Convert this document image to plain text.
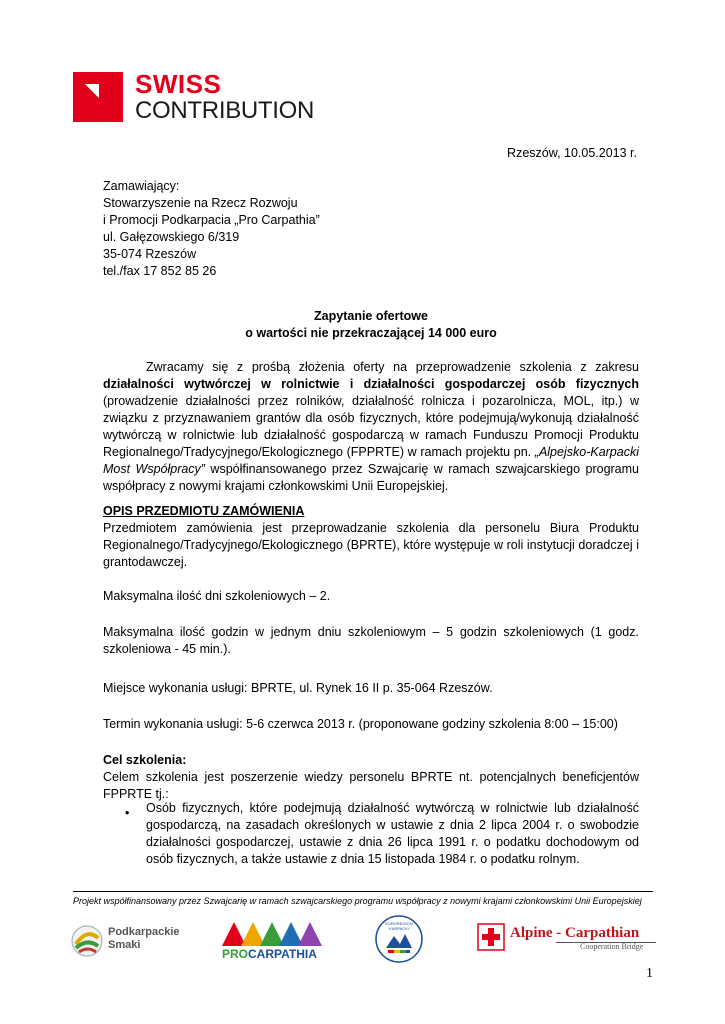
SWISS
CONTRIBUTION
Rzeszów, 10.05.2013 r.
Zamawiający:
Stowarzyszenie na Rzecz Rozwoju
i Promocji Podkarpacia „Pro Carpathia”
ul. Gałęzowskiego 6/319
35-074 Rzeszów
tel./fax 17 852 85 26
Zapytanie ofertowe
o wartości nie przekraczającej 14 000 euro
Zwracamy się z prośbą złożenia oferty na przeprowadzenie szkolenia z zakresu działalności wytwórczej w rolnictwie i działalności gospodarczej osób fizycznych (prowadzenie działalności przez rolników, działalność rolnicza i pozarolnicza, MOL, itp.) w związku z przyznawaniem grantów dla osób fizycznych, które podejmują/wykonują działalność wytwórczą w rolnictwie lub działalność gospodarczą w ramach Funduszu Promocji Produktu Regionalnego/Tradycyjnego/Ekologicznego (FPPRTE) w ramach projektu pn. „Alpejsko-Karpacki Most Współpracy” współfinansowanego przez Szwajcarię w ramach szwajcarskiego programu współpracy z nowymi krajami członkowskimi Unii Europejskiej.
OPIS PRZEDMIOTU ZAMÓWIENIA
Przedmiotem zamówienia jest przeprowadzanie szkolenia dla personelu Biura Produktu Regionalnego/Tradycyjnego/Ekologicznego (BPRTE), które występuje w roli instytucji doradczej i grantodawczej.
Maksymalna ilość dni szkoleniowych – 2.
Maksymalna ilość godzin w jednym dniu szkoleniowym – 5 godzin szkoleniowych (1 godz. szkoleniowa - 45 min.).
Miejsce wykonania usługi: BPRTE, ul. Rynek 16 II p. 35-064 Rzeszów.
Termin wykonania usługi: 5-6 czerwca 2013 r. (proponowane godziny szkolenia 8:00 – 15:00)
Cel szkolenia:
Celem szkolenia jest poszerzenie wiedzy personelu BPRTE nt. potencjalnych beneficjentów FPPRTE tj.:
• Osób fizycznych, które podejmują działalność wytwórczą w rolnictwie lub działalność gospodarczą, na zasadach określonych w ustawie z dnia 2 lipca 2004 r. o swobodzie działalności gospodarczej, ustawie z dnia 26 lipca 1991 r. o podatku dochodowym od osób fizycznych, a także ustawie z dnia 15 listopada 1984 r. o podatku rolnym.
Projekt współfinansowany przez Szwajcarię w ramach szwajcarskiego programu współpracy z nowymi krajami członkowskimi Unii Europejskiej
Podkarpackie
Smaki
PROCARPATHIA
EUROREGION KARPACKI	Alpine - Carpathian
Cooperation Bridge
1
